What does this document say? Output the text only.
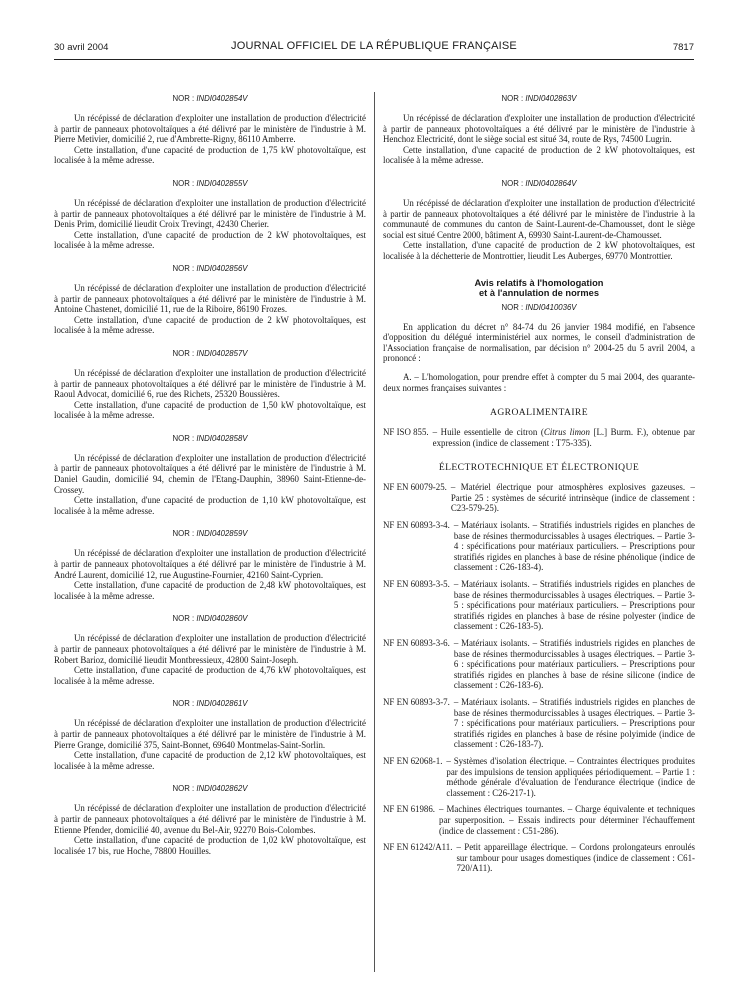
30 avril 2004	JOURNAL OFFICIEL DE LA RÉPUBLIQUE FRANÇAISE	7817
NOR : INDI0402854V

Un récépissé de déclaration d'exploiter une installation de production d'électricité à partir de panneaux photovoltaïques a été délivré par le ministère de l'industrie à M. Pierre Metivier, domicilié 2, rue d'Ambrette-Rigny, 86110 Amberre.

Cette installation, d'une capacité de production de 1,75 kW photovoltaïque, est localisée à la même adresse.

NOR : INDI0402855V

Un récépissé de déclaration d'exploiter une installation de production d'électricité à partir de panneaux photovoltaïques a été délivré par le ministère de l'industrie à M. Denis Prim, domicilié lieudit Croix Trevingt, 42430 Cherier.

Cette installation, d'une capacité de production de 2 kW photovoltaïques, est localisée à la même adresse.

NOR : INDI0402856V

Un récépissé de déclaration d'exploiter une installation de production d'électricité à partir de panneaux photovoltaïques a été délivré par le ministère de l'industrie à M. Antoine Chastenet, domicilié 11, rue de la Riboire, 86190 Frozes.

Cette installation, d'une capacité de production de 2 kW photovoltaïques, est localisée à la même adresse.

NOR : INDI0402857V

Un récépissé de déclaration d'exploiter une installation de production d'électricité à partir de panneaux photovoltaïques a été délivré par le ministère de l'industrie à M. Raoul Advocat, domicilié 6, rue des Richets, 25320 Boussières.

Cette installation, d'une capacité de production de 1,50 kW photovoltaïque, est localisée à la même adresse.

NOR : INDI0402858V

Un récépissé de déclaration d'exploiter une installation de production d'électricité à partir de panneaux photovoltaïques a été délivré par le ministère de l'industrie à M. Daniel Gaudin, domicilié 94, chemin de l'Etang-Dauphin, 38960 Saint-Etienne-de-Crossey.

Cette installation, d'une capacité de production de 1,10 kW photovoltaïque, est localisée à la même adresse.

NOR : INDI0402859V

Un récépissé de déclaration d'exploiter une installation de production d'électricité à partir de panneaux photovoltaïques a été délivré par le ministère de l'industrie à M. André Laurent, domicilié 12, rue Augustine-Fournier, 42160 Saint-Cyprien.

Cette installation, d'une capacité de production de 2,48 kW photovoltaïques, est localisée à la même adresse.

NOR : INDI0402860V

Un récépissé de déclaration d'exploiter une installation de production d'électricité à partir de panneaux photovoltaïques a été délivré par le ministère de l'industrie à M. Robert Barioz, domicilié lieudit Montbressieux, 42800 Saint-Joseph.

Cette installation, d'une capacité de production de 4,76 kW photovoltaïques, est localisée à la même adresse.

NOR : INDI0402861V

Un récépissé de déclaration d'exploiter une installation de production d'électricité à partir de panneaux photovoltaïques a été délivré par le ministère de l'industrie à M. Pierre Grange, domicilié 375, Saint-Bonnet, 69640 Montmelas-Saint-Sorlin.

Cette installation, d'une capacité de production de 2,12 kW photovoltaïques, est localisée à la même adresse.

NOR : INDI0402862V

Un récépissé de déclaration d'exploiter une installation de production d'électricité à partir de panneaux photovoltaïques a été délivré par le ministère de l'industrie à M. Etienne Pfender, domicilié 40, avenue du Bel-Air, 92270 Bois-Colombes.

Cette installation, d'une capacité de production de 1,02 kW photovoltaïque, est localisée 17 bis, rue Hoche, 78800 Houilles.

NOR : INDI0402863V

Un récépissé de déclaration d'exploiter une installation de production d'électricité à partir de panneaux photovoltaïques a été délivré par le ministère de l'industrie à Henchoz Electricité, dont le siège social est situé 34, route de Rys, 74500 Lugrin.

Cette installation, d'une capacité de production de 2 kW photovoltaïques, est localisée à la même adresse.

NOR : INDI0402864V

Un récépissé de déclaration d'exploiter une installation de production d'électricité à partir de panneaux photovoltaïques a été délivré par le ministère de l'industrie à la communauté de communes du canton de Saint-Laurent-de-Chamousset, dont le siège social est situé Centre 2000, bâtiment A, 69930 Saint-Laurent-de-Chamousset.

Cette installation, d'une capacité de production de 2 kW photovoltaïques, est localisée à la déchetterie de Montrottier, lieudit Les Auberges, 69770 Montrottier.

Avis relatifs à l'homologation
et à l'annulation de normes
NOR : INDI0410036V

En application du décret n° 84-74 du 26 janvier 1984 modifié, en l'absence d'opposition du délégué interministériel aux normes, le conseil d'administration de l'Association française de normalisation, par décision n° 2004-25 du 5 avril 2004, a prononcé :

A. – L'homologation, pour prendre effet à compter du 5 mai 2004, des quarante-deux normes françaises suivantes :

AGROALIMENTAIRE
NF ISO 855. – Huile essentielle de citron (Citrus limon [L.] Burm. F.), obtenue par expression (indice de classement : T75-335).
ÉLECTROTECHNIQUE ET ÉLECTRONIQUE
NF EN 60079-25. – Matériel électrique pour atmosphères explosives gazeuses. – Partie 25 : systèmes de sécurité intrinsèque (indice de classement : C23-579-25).
NF EN 60893-3-4. – Matériaux isolants. – Stratifiés industriels rigides en planches de base de résines thermodurcissables à usages électriques. – Partie 3-4 : spécifications pour matériaux particuliers. – Prescriptions pour stratifiés rigides en planches à base de résine phénolique (indice de classement : C26-183-4).
NF EN 60893-3-5. – Matériaux isolants. – Stratifiés industriels rigides en planches de base de résines thermodurcissables à usages électriques. – Partie 3-5 : spécifications pour matériaux particuliers. – Prescriptions pour stratifiés rigides en planches à base de résine polyester (indice de classement : C26-183-5).
NF EN 60893-3-6. – Matériaux isolants. – Stratifiés industriels rigides en planches de base de résines thermodurcissables à usages électriques. – Partie 3-6 : spécifications pour matériaux particuliers. – Prescriptions pour stratifiés rigides en planches à base de résine silicone (indice de classement : C26-183-6).
NF EN 60893-3-7. – Matériaux isolants. – Stratifiés industriels rigides en planches de base de résines thermodurcissables à usages électriques. – Partie 3-7 : spécifications pour matériaux particuliers. – Prescriptions pour stratifiés rigides en planches à base de résine polyimide (indice de classement : C26-183-7).
NF EN 62068-1. – Systèmes d'isolation électrique. – Contraintes électriques produites par des impulsions de tension appliquées périodiquement. – Partie 1 : méthode générale d'évaluation de l'endurance électrique (indice de classement : C26-217-1).
NF EN 61986. – Machines électriques tournantes. – Charge équivalente et techniques par superposition. – Essais indirects pour déterminer l'échauffement (indice de classement : C51-286).
NF EN 61242/A11. – Petit appareillage électrique. – Cordons prolongateurs enroulés sur tambour pour usages domestiques (indice de classement : C61-720/A11).
